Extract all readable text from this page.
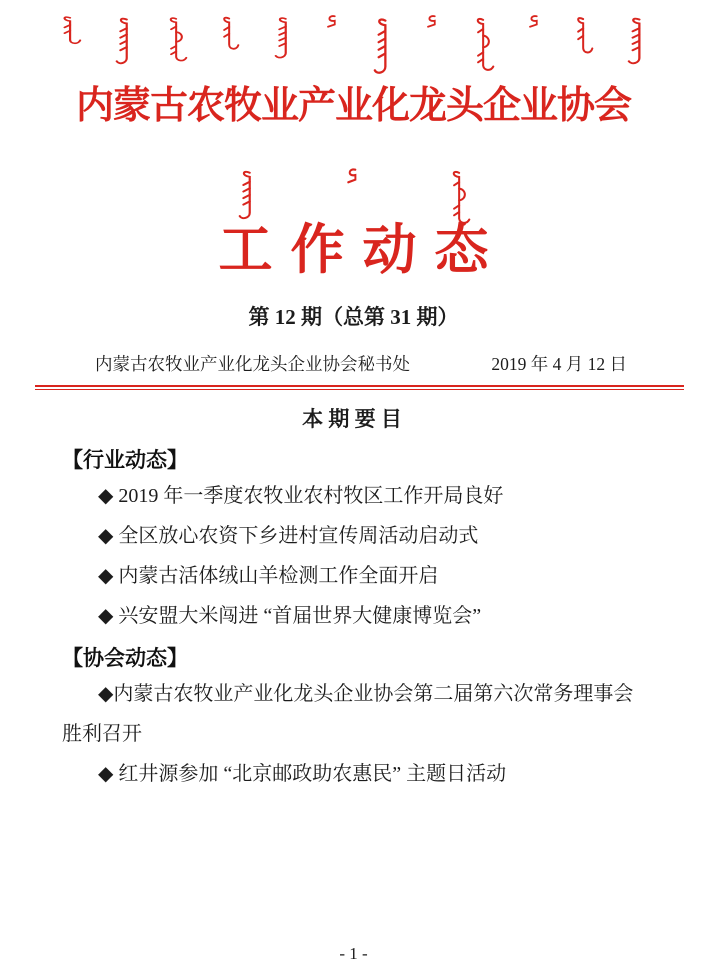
内蒙古农牧业产业化龙头企业协会
工作动态
第 12 期（总第 31 期）
内蒙古农牧业产业化龙头企业协会秘书处	2019 年 4 月 12 日
本 期 要 目
【行业动态】

◆ 2019 年一季度农牧业农村牧区工作开局良好

◆ 全区放心农资下乡进村宣传周活动启动式

◆ 内蒙古活体绒山羊检测工作全面开启

◆ 兴安盟大米闯进 “首届世界大健康博览会”

【协会动态】

◆内蒙古农牧业产业化龙头企业协会第二届第六次常务理事会胜利召开

◆ 红井源参加 “北京邮政助农惠民” 主题日活动

- 1 -
